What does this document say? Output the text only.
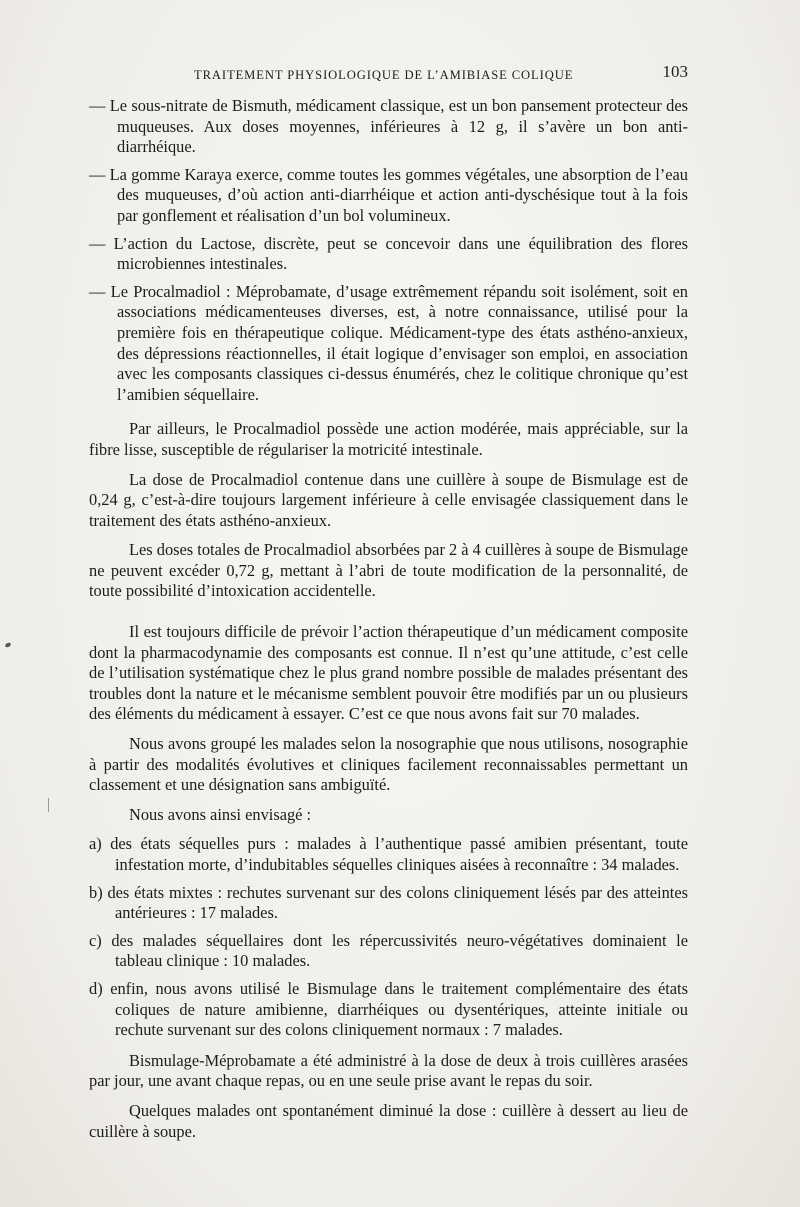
TRAITEMENT PHYSIOLOGIQUE DE L’AMIBIASE COLIQUE	103

— Le sous-nitrate de Bismuth, médicament classique, est un bon pansement protecteur des muqueuses. Aux doses moyennes, inférieures à 12 g, il s’avère un bon anti-diarrhéique.

— La gomme Karaya exerce, comme toutes les gommes végétales, une absorption de l’eau des muqueuses, d’où action anti-diarrhéique et action anti-dyschésique tout à la fois par gonflement et réalisation d’un bol volumineux.

— L’action du Lactose, discrète, peut se concevoir dans une équilibration des flores microbiennes intestinales.

— Le Procalmadiol : Méprobamate, d’usage extrêmement répandu soit isolément, soit en associations médicamenteuses diverses, est, à notre connaissance, utilisé pour la première fois en thérapeutique colique. Médicament-type des états asthéno-anxieux, des dépressions réactionnelles, il était logique d’envisager son emploi, en association avec les composants classiques ci-dessus énumérés, chez le colitique chronique qu’est l’amibien séquellaire.

Par ailleurs, le Procalmadiol possède une action modérée, mais appréciable, sur la fibre lisse, susceptible de régulariser la motricité intestinale.

La dose de Procalmadiol contenue dans une cuillère à soupe de Bismulage est de 0,24 g, c’est-à-dire toujours largement inférieure à celle envisagée classiquement dans le traitement des états asthéno-anxieux.

Les doses totales de Procalmadiol absorbées par 2 à 4 cuillères à soupe de Bismulage ne peuvent excéder 0,72 g, mettant à l’abri de toute modification de la personnalité, de toute possibilité d’intoxication accidentelle.

Il est toujours difficile de prévoir l’action thérapeutique d’un médicament composite dont la pharmacodynamie des composants est connue. Il n’est qu’une attitude, c’est celle de l’utilisation systématique chez le plus grand nombre possible de malades présentant des troubles dont la nature et le mécanisme semblent pouvoir être modifiés par un ou plusieurs des éléments du médicament à essayer. C’est ce que nous avons fait sur 70 malades.

Nous avons groupé les malades selon la nosographie que nous utilisons, nosographie à partir des modalités évolutives et cliniques facilement reconnaissables permettant un classement et une désignation sans ambiguïté.

Nous avons ainsi envisagé :

a) des états séquelles purs : malades à l’authentique passé amibien présentant, toute infestation morte, d’indubitables séquelles cliniques aisées à reconnaître : 34 malades.

b) des états mixtes : rechutes survenant sur des colons cliniquement lésés par des atteintes antérieures : 17 malades.

c) des malades séquellaires dont les répercussivités neuro-végétatives dominaient le tableau clinique : 10 malades.

d) enfin, nous avons utilisé le Bismulage dans le traitement complémentaire des états coliques de nature amibienne, diarrhéiques ou dysentériques, atteinte initiale ou rechute survenant sur des colons cliniquement normaux : 7 malades.

Bismulage-Méprobamate a été administré à la dose de deux à trois cuillères arasées par jour, une avant chaque repas, ou en une seule prise avant le repas du soir.

Quelques malades ont spontanément diminué la dose : cuillère à dessert au lieu de cuillère à soupe.
